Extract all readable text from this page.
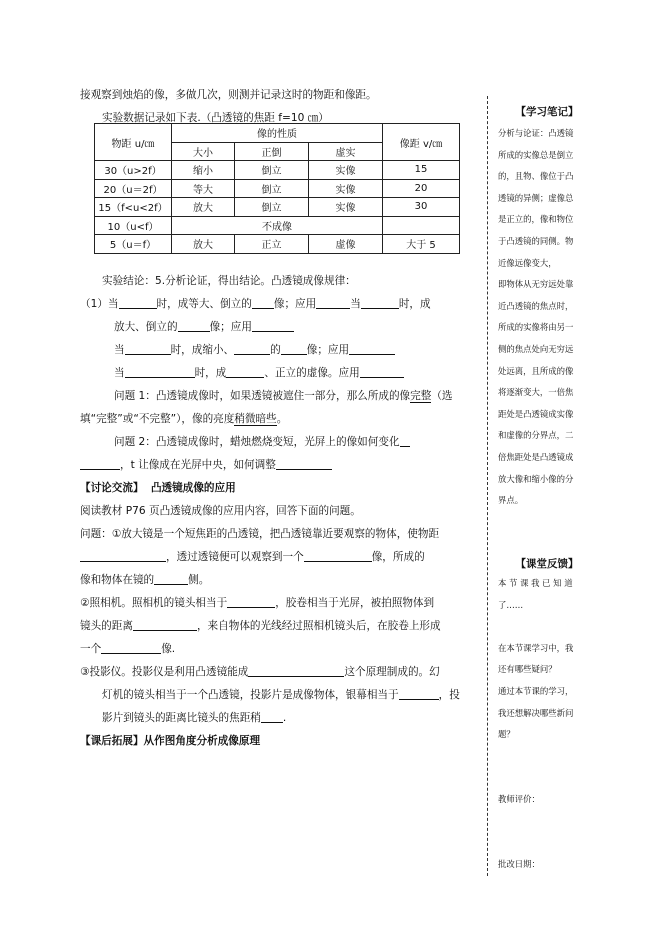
接观察到烛焰的像，多做几次，则测并记录这时的物距和像距。
实验数据记录如下表.（凸透镜的焦距 f=10 ㎝）
物距 u/㎝	像的性质			像距 v/㎝
	大小	正倒	虚实	
30（u>2f）	缩小	倒立	实像	15
20（u＝2f）	等大	倒立	实像	20
15（f<u<2f）	放大	倒立	实像	30
10（u<f）	不成像			
5（u＝f）	放大	正立	虚像	大于 5
实验结论：5.分析论证，得出结论。凸透镜成像规律：
（1）当	时，成等大、倒立的 像；应用	当	时，成
放大、倒立的	像；应用
当	时，成缩小、	的 像；应用
当	时，成	、正立的虚像。应用
问题 1：凸透镜成像时，如果透镜被遮住一部分，那么所成的像完整（选
填“完整”或“不完整”），像的亮度稍微暗些。
问题 2：凸透镜成像时，蜡烛燃烧变短，光屏上的像如何变化
，t 让像成在光屏中央，如何调整
【讨论交流】 凸透镜成像的应用
阅读教材 P76 页凸透镜成像的应用内容，回答下面的问题。
问题：①放大镜是一个短焦距的凸透镜，把凸透镜靠近要观察的物体，使物距
，透过透镜便可以观察到一个	像，所成的
像和物体在镜的	侧。
②照相机。照相机的镜头相当于	，胶卷相当于光屏，被拍照物体到
镜头的距离	，来自物体的光线经过照相机镜头后，在胶卷上形成
一个	像.
③投影仪。投影仪是利用凸透镜能成	这个原理制成的。幻
灯机的镜头相当于一个凸透镜，投影片是成像物体，银幕相当于	，投
影片到镜头的距离比镜头的焦距稍 .
【课后拓展】从作图角度分析成像原理
【学习笔记】
分析与论证：凸透镜
所成的实像总是倒立
的，且物、像位于凸
透镜的异侧；虚像总
是正立的，像和物位
于凸透镜的同侧。物
近像远像变大，
即物体从无穷远处靠
近凸透镜的焦点时，
所成的实像将由另一
侧的焦点处向无穷远
处远离，且所成的像
将逐渐变大，一倍焦
距处是凸透镜成实像
和虚像的分界点，二
倍焦距处是凸透镜成
放大像和缩小像的分
界点。
【课堂反馈】
本 节 课 我 已 知 道
了……

在本节课学习中，我
还有哪些疑问？
通过本节课的学习，
我还想解决哪些新问
题？

教师评价：

批改日期：
